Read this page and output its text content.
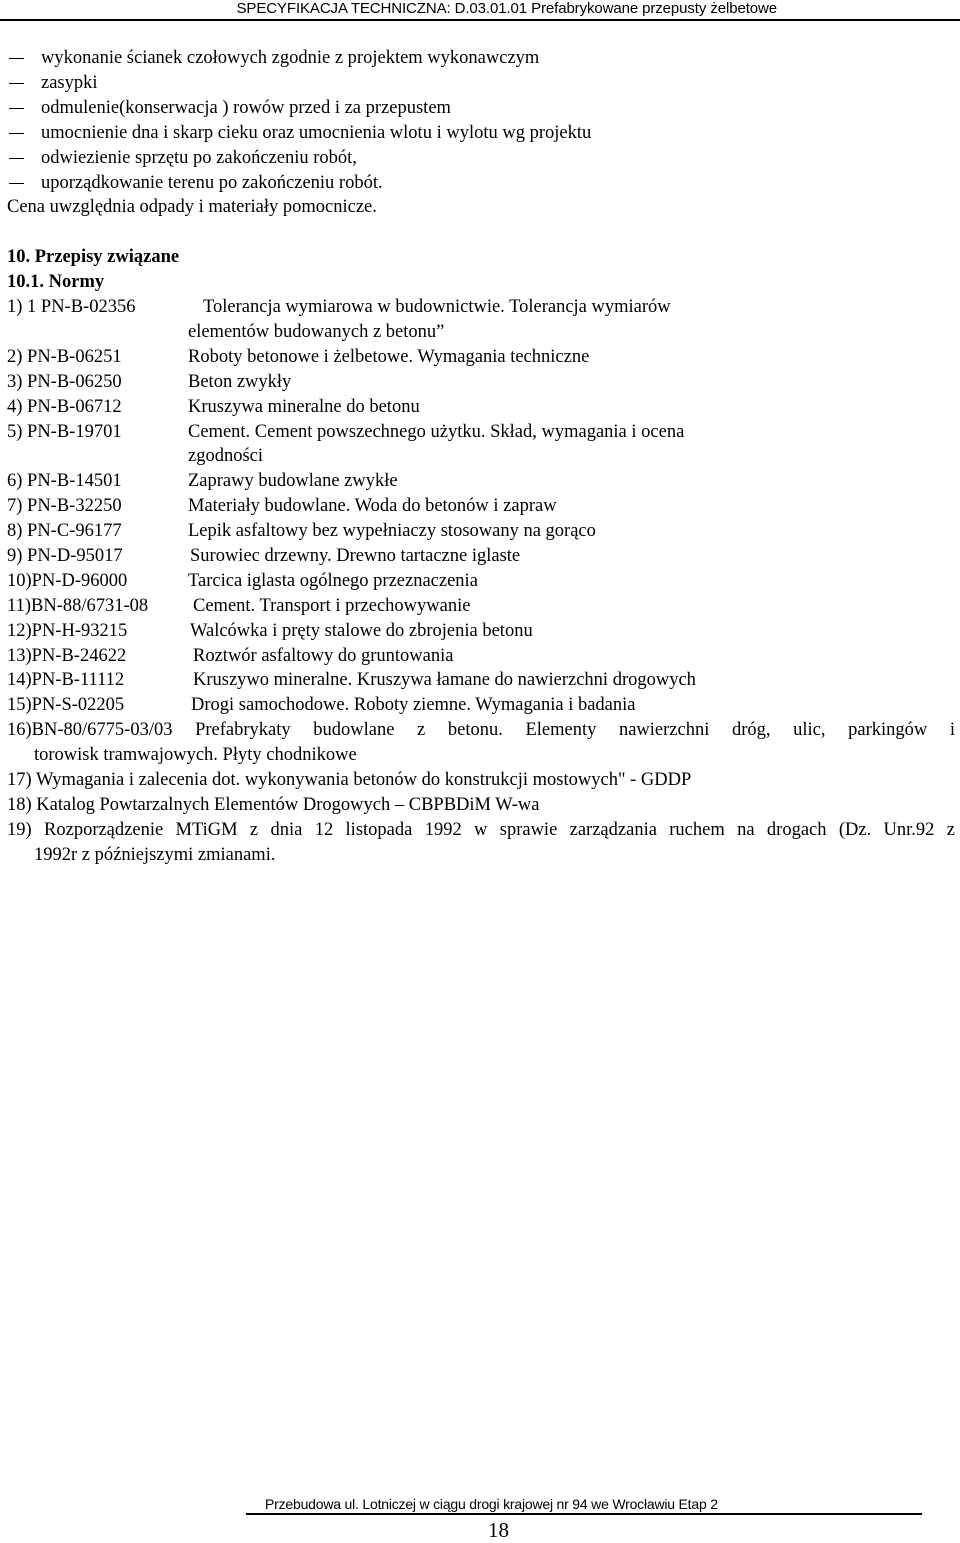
SPECYFIKACJA TECHNICZNA: D.03.01.01 Prefabrykowane przepusty żelbetowe
wykonanie ścianek czołowych zgodnie z projektem wykonawczym
zasypki
odmulenie(konserwacja ) rowów przed i za przepustem
umocnienie dna i skarp cieku oraz umocnienia wlotu i wylotu wg projektu
odwiezienie sprzętu po zakończeniu robót,
uporządkowanie terenu po zakończeniu robót.
Cena uwzględnia odpady i materiały pomocnicze.
10. Przepisy związane
10.1. Normy
1) 1 PN-B-02356	Tolerancja wymiarowa w budownictwie. Tolerancja wymiarów
elementów budowanych z betonu”
2) PN-B-06251	Roboty betonowe i żelbetowe. Wymagania techniczne
3) PN-B-06250	Beton zwykły
4) PN-B-06712	Kruszywa mineralne do betonu
5) PN-B-19701	Cement. Cement powszechnego użytku. Skład, wymagania i ocena
zgodności
6) PN-B-14501	Zaprawy budowlane zwykłe
7) PN-B-32250	Materiały budowlane. Woda do betonów i zapraw
8) PN-C-96177	Lepik asfaltowy bez wypełniaczy stosowany na gorąco
9) PN-D-95017	Surowiec drzewny. Drewno tartaczne iglaste
10)PN-D-96000	Tarcica iglasta ogólnego przeznaczenia
11)BN-88/6731-08 Cement. Transport i przechowywanie
12)PN-H-93215	Walcówka i pręty stalowe do zbrojenia betonu
13)PN-B-24622	Roztwór asfaltowy do gruntowania
14)PN-B-11112	Kruszywo mineralne. Kruszywa łamane do nawierzchni drogowych
15)PN-S-02205	Drogi samochodowe. Roboty ziemne. Wymagania i badania
16)BN-80/6775-03/03 Prefabrykaty budowlane z betonu. Elementy nawierzchni dróg, ulic, parkingów i
torowisk tramwajowych. Płyty chodnikowe
17) Wymagania i zalecenia dot. wykonywania betonów do konstrukcji mostowych" - GDDP
18) Katalog Powtarzalnych Elementów Drogowych – CBPBDiM W-wa
19) Rozporządzenie MTiGM z dnia 12 listopada 1992 w sprawie zarządzania ruchem na drogach (Dz. Unr.92 z
1992r z późniejszymi zmianami.
Przebudowa ul. Lotniczej w ciągu drogi krajowej nr 94 we Wrocławiu Etap 2
18
